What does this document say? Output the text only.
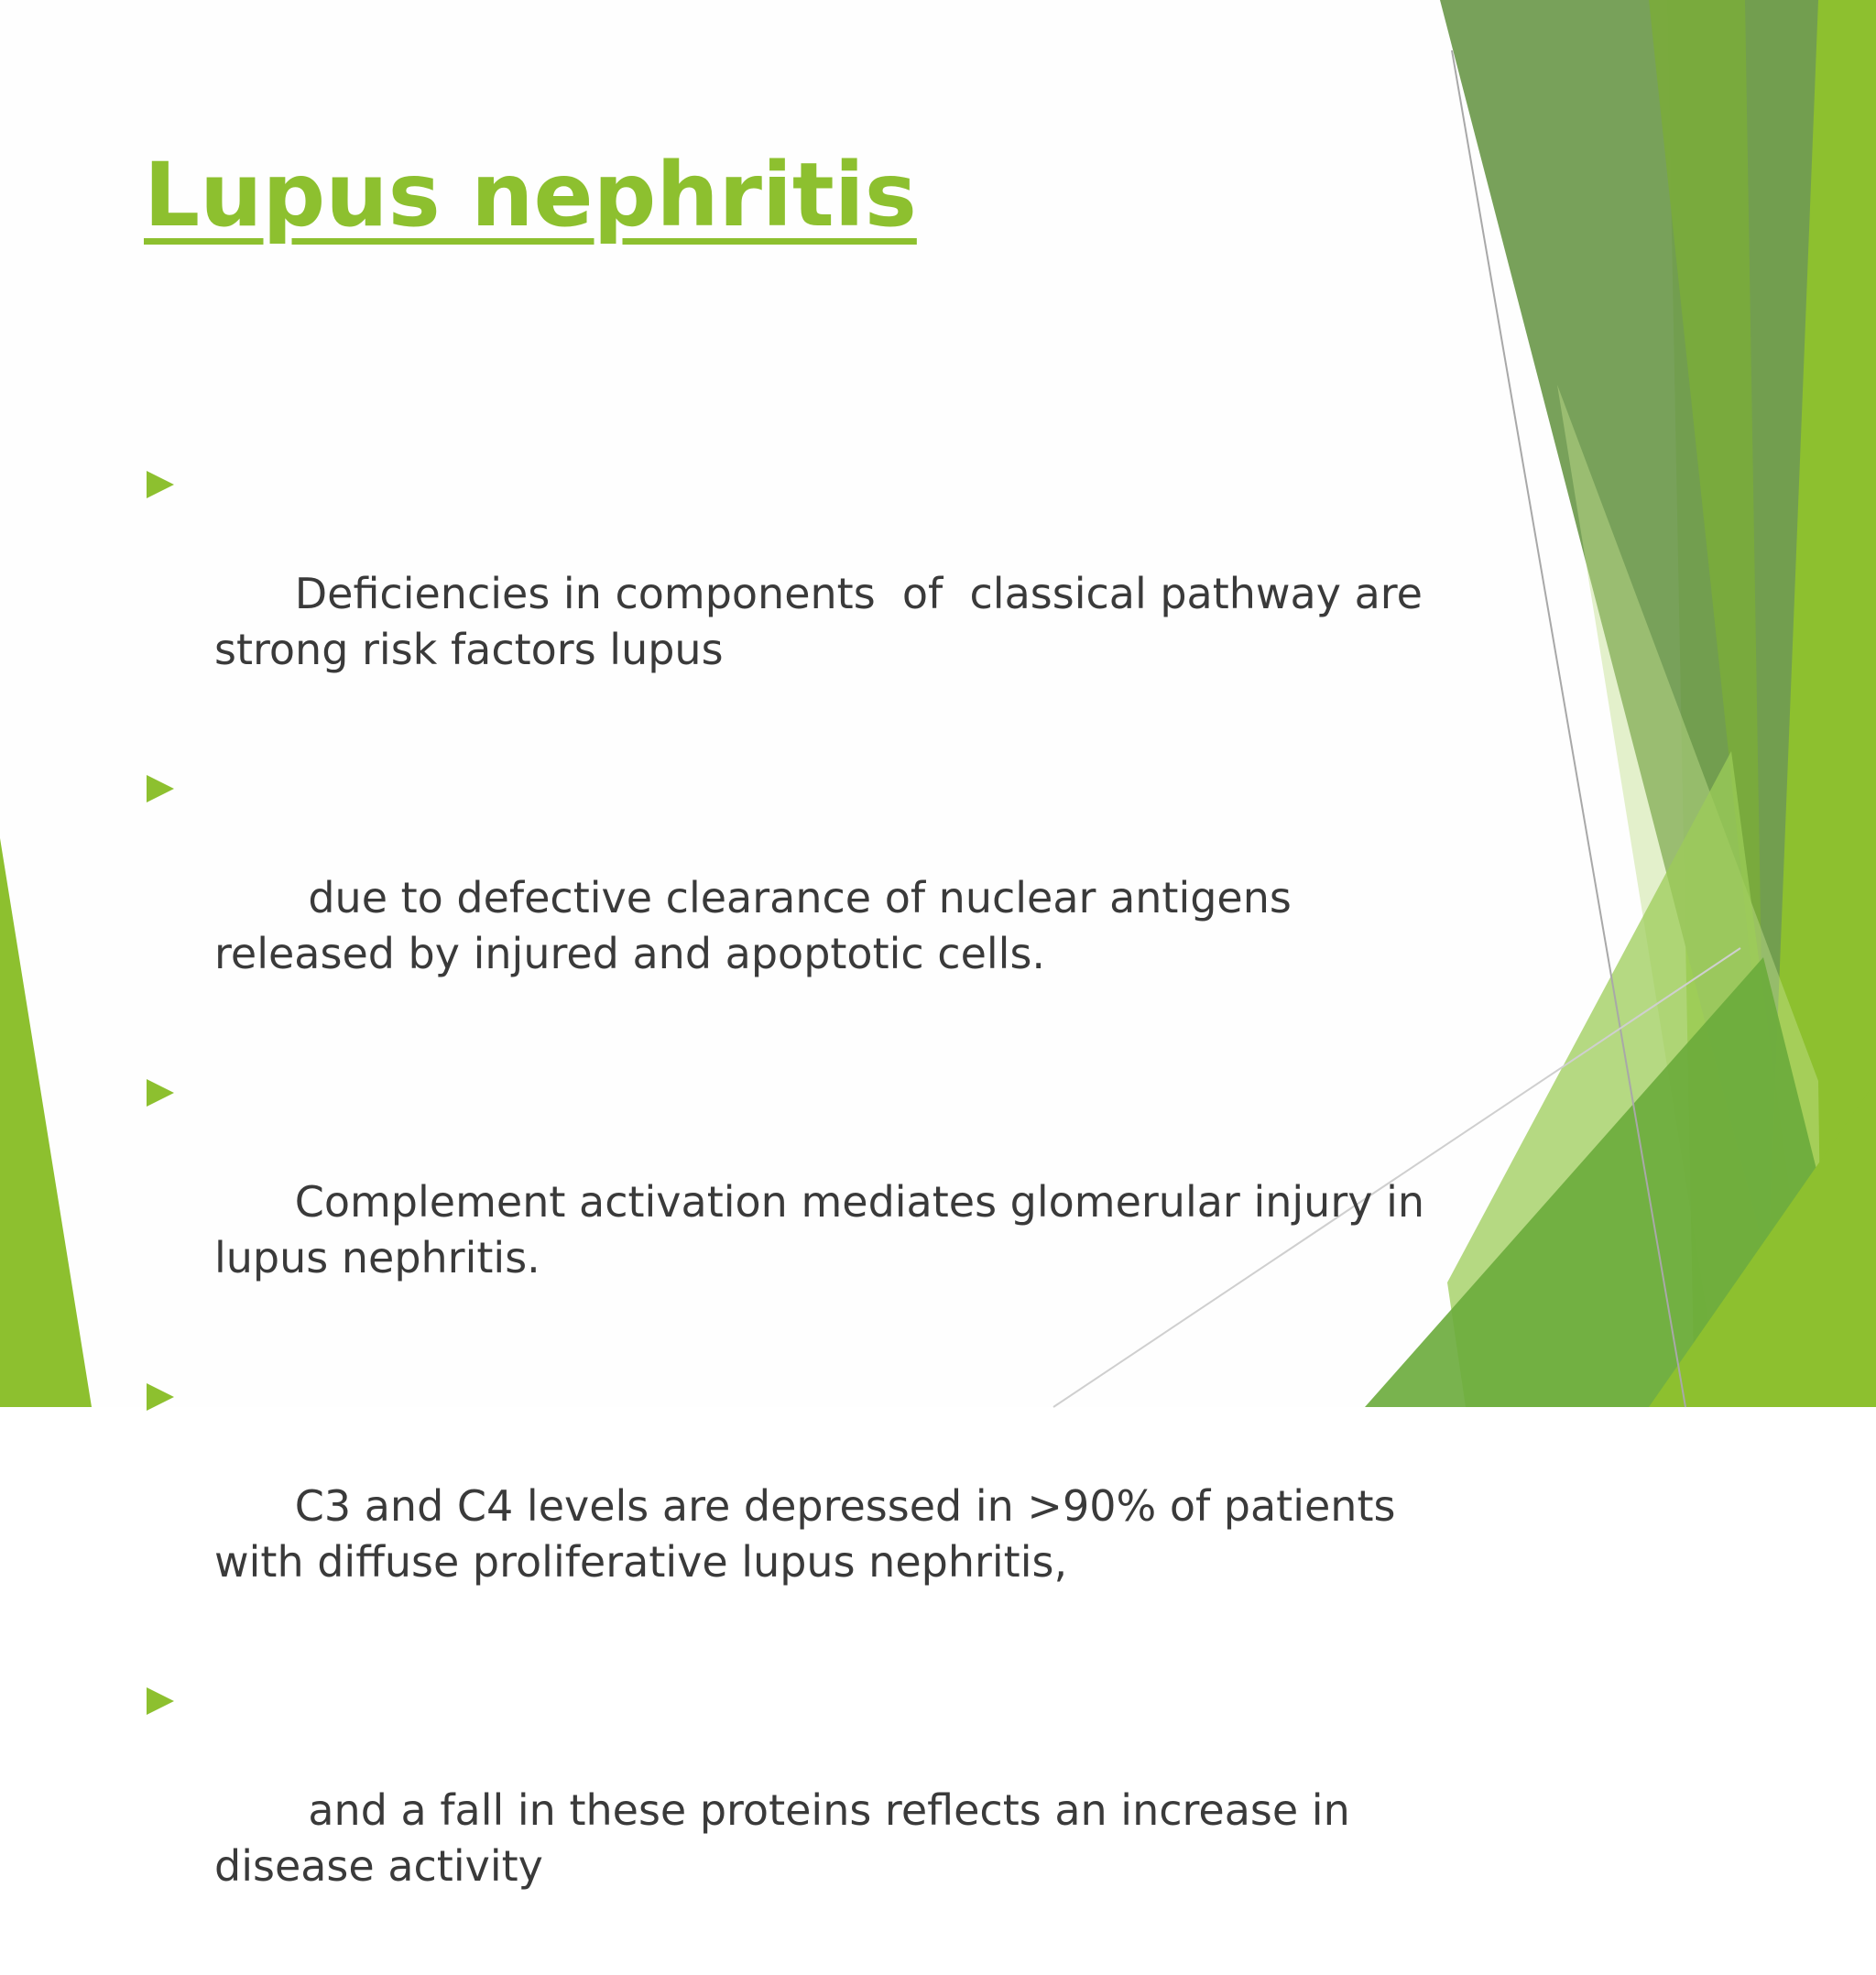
Lupus nephritis

Deficiencies in components  of  classical pathway are strong risk factors lupus

due to defective clearance of nuclear antigens released by injured and apoptotic cells.

Complement activation mediates glomerular injury in lupus nephritis.

C3 and C4 levels are depressed in >90% of patients with diffuse proliferative lupus nephritis,

and a fall in these proteins reflects an increase in disease activity
